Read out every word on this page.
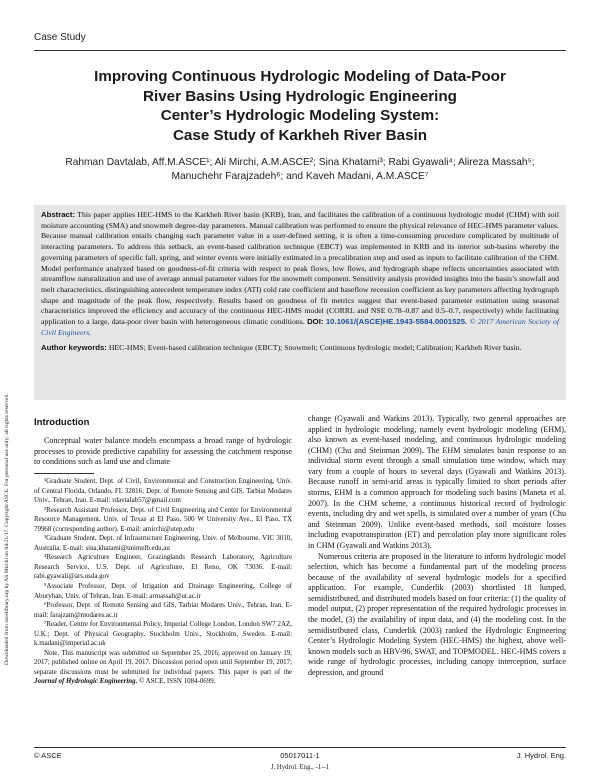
Downloaded from ascelibrary.org by Ali Mirchi on 04/21/17. Copyright ASCE. For personal use only; all rights reserved.
Case Study
Improving Continuous Hydrologic Modeling of Data-Poor
River Basins Using Hydrologic Engineering
Center’s Hydrologic Modeling System:
Case Study of Karkheh River Basin
Rahman Davtalab, Aff.M.ASCE¹; Ali Mirchi, A.M.ASCE²; Sina Khatami³; Rabi Gyawali⁴; Alireza Massah⁵;
Manuchehr Farajzadeh⁶; and Kaveh Madani, A.M.ASCE⁷
Abstract: This paper applies HEC-HMS to the Karkheh River basin (KRB), Iran, and facilitates the calibration of a continuous hydrologic model (CHM) with soil moisture accounting (SMA) and snowmelt degree-day parameters. Manual calibration was performed to ensure the physical relevance of HEC-HMS parameter values. Because manual calibration entails changing each parameter value in a user-defined setting, it is often a time-consuming procedure complicated by multitude of interacting parameters. To address this setback, an event-based calibration technique (EBCT) was implemented in KRB and its interior sub-basins whereby the governing parameters of specific fall, spring, and winter events were initially estimated in a precalibration step and used as inputs to facilitate calibration of the CHM. Model performance analyzed based on goodness-of-fit criteria with respect to peak flows, low flows, and hydrograph shape reflects uncertainties associated with streamflow naturalization and use of average annual parameter values for the snowmelt component. Sensitivity analysis provided insights into the basin’s snowfall and melt characteristics, distinguishing antecedent temperature index (ATI) cold rate coefficient and baseflow recession coefficient as key parameters affecting hydrograph shape and magnitude of the peak flow, respectively. Results based on goodness of fit metrics suggest that event-based parameter estimation using seasonal characteristics improved the efficiency and accuracy of the continuous HEC-HMS model (CORRL and NSE 0.78–0.87 and 0.5–0.7, respectively) while facilitating application to a large, data-poor river basin with heterogeneous climatic conditions. DOI: 10.1061/(ASCE)HE.1943-5584.0001525. © 2017 American Society of Civil Engineers.
Author keywords: HEC-HMS; Event-based calibration technique (EBCT); Snowmelt; Continuous hydrologic model; Calibration; Karkheh River basin.
Introduction
Conceptual water balance models encompass a broad range of hydrologic processes to provide predictive capability for assessing the catchment response to conditions such as land use and climate

¹Graduate Student, Dept. of Civil, Environmental and Construction Engineering, Univ. of Central Florida, Orlando, FL 32816; Dept. of Remote Sensing and GIS, Tarbiat Modares Univ., Tehran, Iran. E-mail: rdavtalab57@gmail.com

²Research Assistant Professor, Dept. of Civil Engineering and Center for Environmental Resource Management, Univ. of Texas at El Paso, 500 W University Ave., El Paso, TX 79968 (corresponding author). E-mail: amirchi@utep.edu

³Graduate Student, Dept. of Infrastructure Engineering, Univ. of Melbourne, VIC 3010, Australia. E-mail: sina.khatami@unimelb.edu.au

⁴Research Agriculture Engineer, Grazinglands Research Laboratory, Agriculture Research Service, U.S. Dept. of Agriculture, El Reno, OK 73036. E-mail: rabi.gyawali@ars.usda.gov

⁵Associate Professor, Dept. of Irrigation and Drainage Engineering, College of Aburyhan, Univ. of Tehran, Iran. E-mail: armassah@ut.ac.ir

⁶Professor, Dept. of Remote Sensing and GIS, Tarbiat Modares Univ., Tehran, Iran. E-mail: farajzam@modares.ac.ir

⁷Reader, Centre for Environmental Policy, Imperial College London, London SW7 2AZ, U.K.; Dept. of Physical Geography, Stockholm Univ., Stockholm, Sweden. E-mail: k.madani@imperial.ac.uk

Note. This manuscript was submitted on September 25, 2016; approved on January 19, 2017; published online on April 19, 2017. Discussion period open until September 19, 2017; separate discussions must be submitted for individual papers. This paper is part of the Journal of Hydrologic Engineering, © ASCE, ISSN 1084-0699.

change (Gyawali and Watkins 2013). Typically, two general approaches are applied in hydrologic modeling, namely event hydrologic modeling (EHM), also known as event-based modeling, and continuous hydrologic modeling (CHM) (Chu and Steinman 2009). The EHM simulates basin response to an individual storm event through a small simulation time window, which may vary from a couple of hours to several days (Gyawali and Watkins 2013). Because runoff in semi-arid areas is typically limited to short periods after storms, EHM is a common approach for modeling such basins (Maneta et al. 2007). In the CHM scheme, a continuous historical record of hydrologic events, including dry and wet spells, is simulated over a number of years (Chu and Steinman 2009). Unlike event-based methods, soil moisture losses including evapotranspiration (ET) and percolation play more significant roles in CHM (Gyawali and Watkins 2013).

Numerous criteria are proposed in the literature to inform hydrologic model selection, which has become a fundamental part of the modeling process because of the availability of several hydrologic models for a specified application. For example, Cunderlik (2003) shortlisted 18 lumped, semidistributed, and distributed models based on four criteria: (1) the quality of model output, (2) proper representation of the required hydrologic processes in the model, (3) the availability of input data, and (4) the modeling cost. In the semidistributed class, Cunderlik (2003) ranked the Hydrologic Engineering Center’s Hydrologic Modeling System (HEC-HMS) the highest, above well-known models such as HBV-96, SWAT, and TOPMODEL. HEC-HMS covers a wide range of hydrologic processes, including canopy interception, surface depression, and ground

© ASCE	05017011-1	J. Hydrol. Eng.
J. Hydrol. Eng., -1--1
